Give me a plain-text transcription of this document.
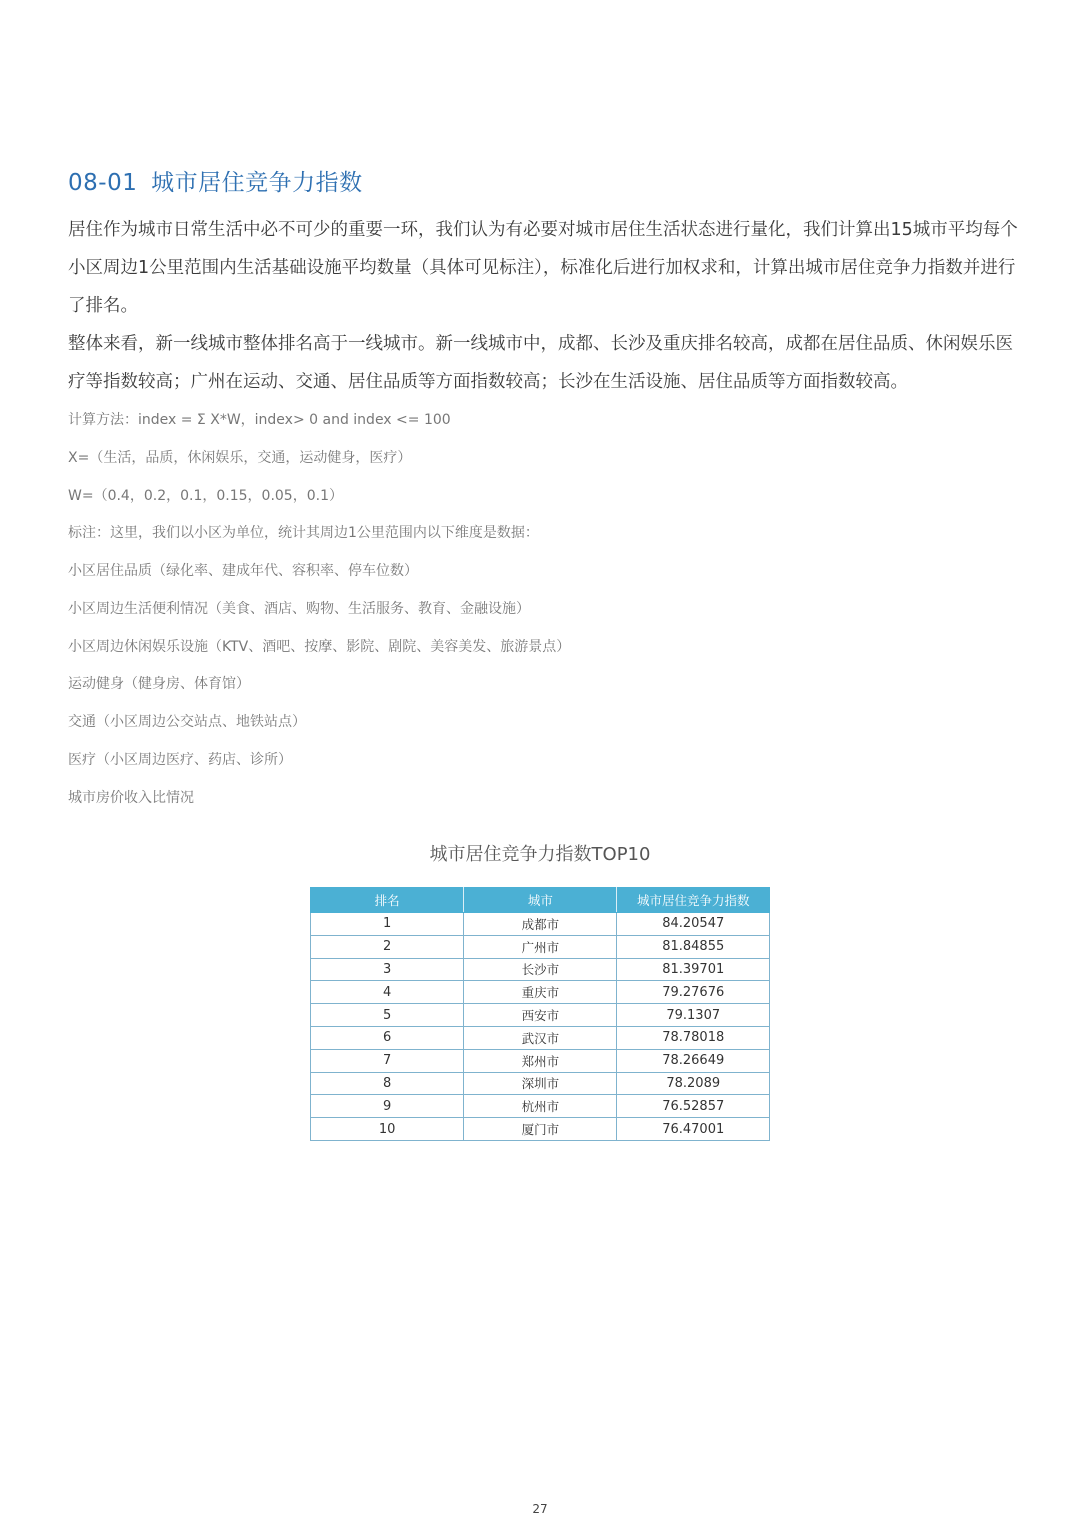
08-01 城市居住竞争力指数

居住作为城市日常生活中必不可少的重要一环，我们认为有必要对城市居住生活状态进行量化，我们计算出15城市平均每个小区周边1公里范围内生活基础设施平均数量（具体可见标注），标准化后进行加权求和，计算出城市居住竞争力指数并进行了排名。

整体来看，新一线城市整体排名高于一线城市。新一线城市中，成都、长沙及重庆排名较高，成都在居住品质、休闲娱乐医疗等指数较高；广州在运动、交通、居住品质等方面指数较高；长沙在生活设施、居住品质等方面指数较高。

计算方法：index = Σ X*W，index> 0 and index <= 100
X=（生活，品质，休闲娱乐，交通，运动健身，医疗）
W=（0.4，0.2，0.1，0.15，0.05，0.1）
标注：这里，我们以小区为单位，统计其周边1公里范围内以下维度是数据：
小区居住品质（绿化率、建成年代、容积率、停车位数）
小区周边生活便利情况（美食、酒店、购物、生活服务、教育、金融设施）
小区周边休闲娱乐设施（KTV、酒吧、按摩、影院、剧院、美容美发、旅游景点）
运动健身（健身房、体育馆）
交通（小区周边公交站点、地铁站点）
医疗（小区周边医疗、药店、诊所）
城市房价收入比情况
城市居住竞争力指数TOP10
排名	城市	城市居住竞争力指数
1	成都市	84.20547
2	广州市	81.84855
3	长沙市	81.39701
4	重庆市	79.27676
5	西安市	79.1307
6	武汉市	78.78018
7	郑州市	78.26649
8	深圳市	78.2089
9	杭州市	76.52857
10	厦门市	76.47001
27
